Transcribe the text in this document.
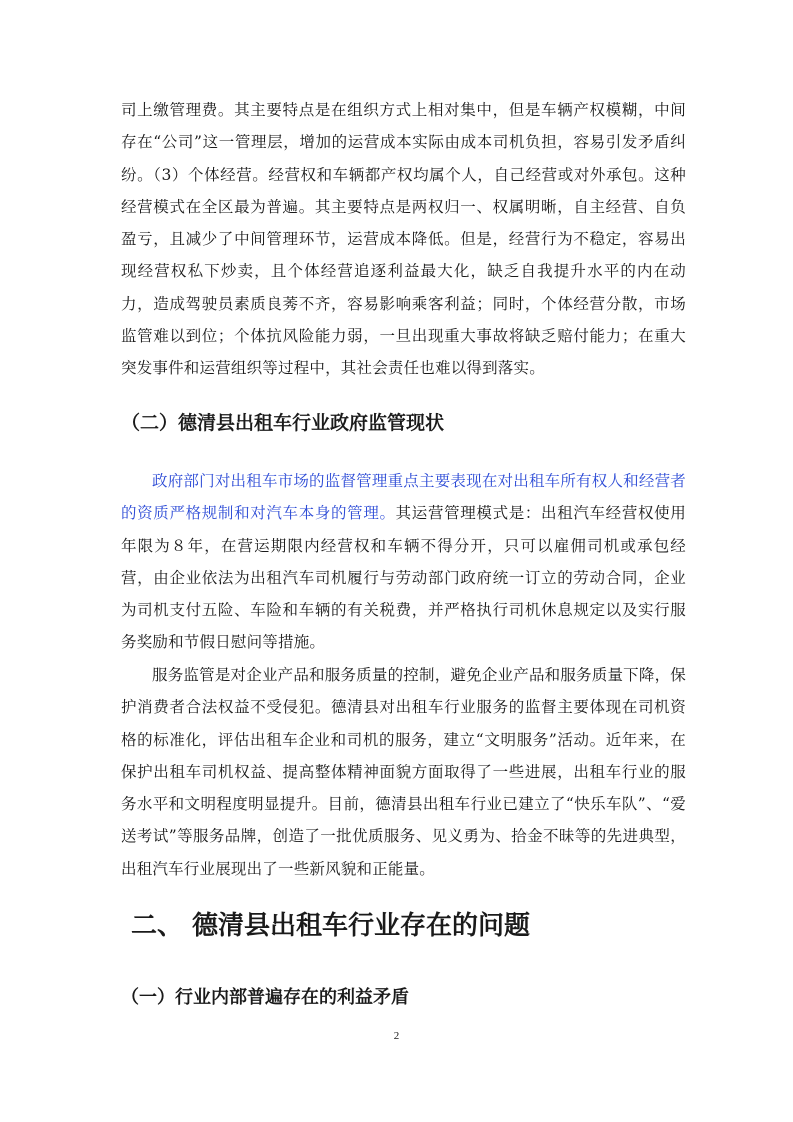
司上缴管理费。其主要特点是在组织方式上相对集中，但是车辆产权模糊，中间存在“公司”这一管理层，增加的运营成本实际由成本司机负担，容易引发矛盾纠纷。（3）个体经营。经营权和车辆都产权均属个人，自己经营或对外承包。这种经营模式在全区最为普遍。其主要特点是两权归一、权属明晰，自主经营、自负盈亏，且减少了中间管理环节，运营成本降低。但是，经营行为不稳定，容易出现经营权私下炒卖，且个体经营追逐利益最大化，缺乏自我提升水平的内在动力，造成驾驶员素质良莠不齐，容易影响乘客利益；同时，个体经营分散，市场监管难以到位；个体抗风险能力弱，一旦出现重大事故将缺乏赔付能力；在重大突发事件和运营组织等过程中，其社会责任也难以得到落实。

（二）德清县出租车行业政府监管现状

政府部门对出租车市场的监督管理重点主要表现在对出租车所有权人和经营者的资质严格规制和对汽车本身的管理。其运营管理模式是：出租汽车经营权使用年限为８年，在营运期限内经营权和车辆不得分开，只可以雇佣司机或承包经营，由企业依法为出租汽车司机履行与劳动部门政府统一订立的劳动合同，企业为司机支付五险、车险和车辆的有关税费，并严格执行司机休息规定以及实行服务奖励和节假日慰问等措施。

服务监管是对企业产品和服务质量的控制，避免企业产品和服务质量下降，保护消费者合法权益不受侵犯。德清县对出租车行业服务的监督主要体现在司机资格的标准化，评估出租车企业和司机的服务，建立“文明服务”活动。近年来，在保护出租车司机权益、提高整体精神面貌方面取得了一些进展，出租车行业的服务水平和文明程度明显提升。目前，德清县出租车行业已建立了“快乐车队”、“爱送考试”等服务品牌，创造了一批优质服务、见义勇为、拾金不昧等的先进典型，出租汽车行业展现出了一些新风貌和正能量。

二、 德清县出租车行业存在的问题
（一）行业内部普遍存在的利益矛盾
2
